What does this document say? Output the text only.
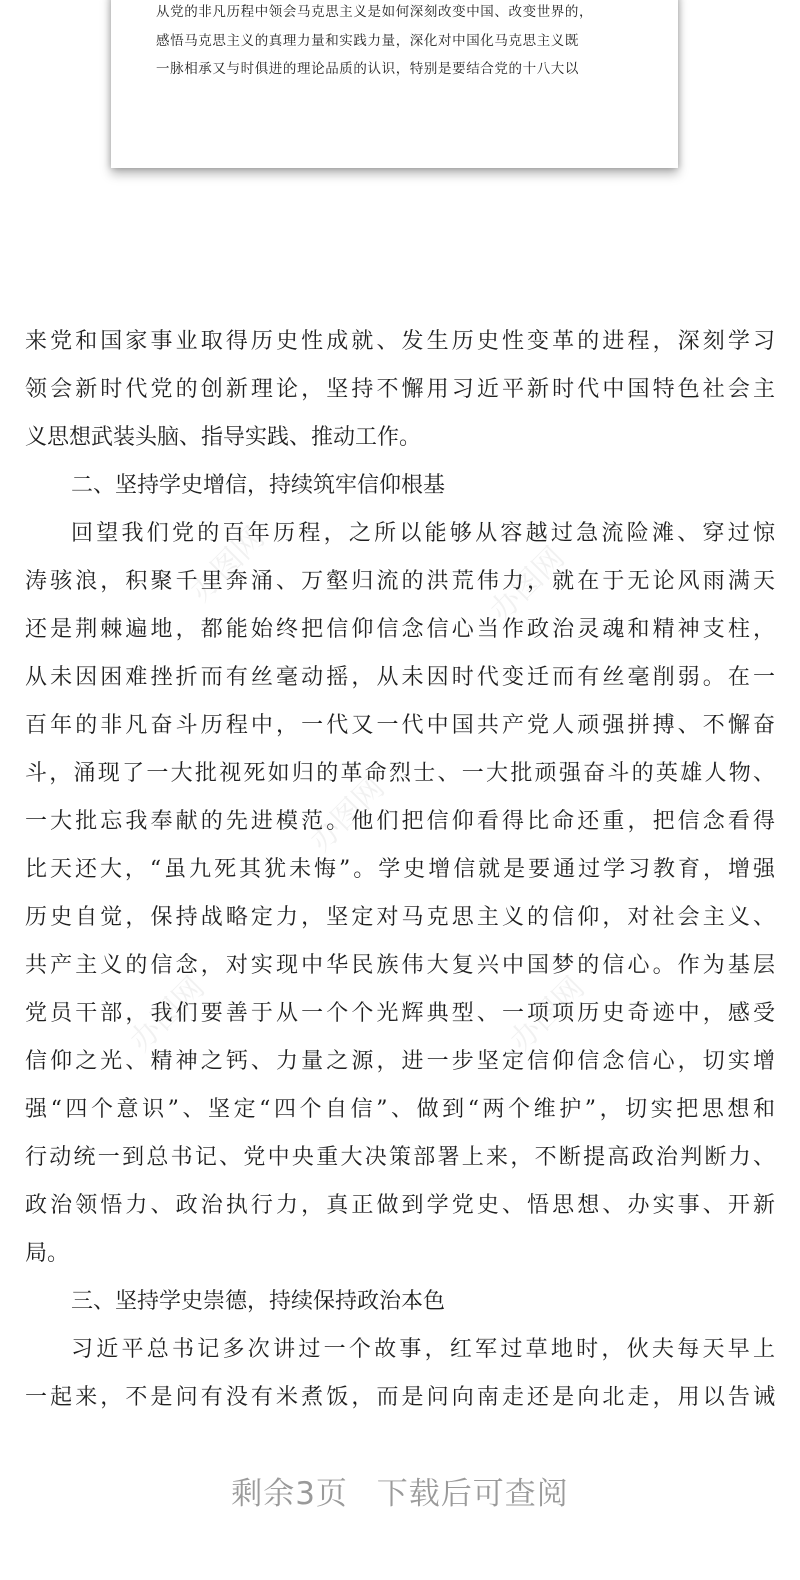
从党的非凡历程中领会马克思主义是如何深刻改变中国、改变世界的，
感悟马克思主义的真理力量和实践力量，深化对中国化马克思主义既
一脉相承又与时俱进的理论品质的认识，特别是要结合党的十八大以
办图网	办图网
办图网
办图网	办图网
来党和国家事业取得历史性成就、发生历史性变革的进程，深刻学习
领会新时代党的创新理论，坚持不懈用习近平新时代中国特色社会主
义思想武装头脑、指导实践、推动工作。
二、坚持学史增信，持续筑牢信仰根基
回望我们党的百年历程，之所以能够从容越过急流险滩、穿过惊
涛骇浪，积聚千里奔涌、万壑归流的洪荒伟力，就在于无论风雨满天
还是荆棘遍地，都能始终把信仰信念信心当作政治灵魂和精神支柱，
从未因困难挫折而有丝毫动摇，从未因时代变迁而有丝毫削弱。在一
百年的非凡奋斗历程中，一代又一代中国共产党人顽强拼搏、不懈奋
斗，涌现了一大批视死如归的革命烈士、一大批顽强奋斗的英雄人物、
一大批忘我奉献的先进模范。他们把信仰看得比命还重，把信念看得
比天还大，“虽九死其犹未悔”。学史增信就是要通过学习教育，增强
历史自觉，保持战略定力，坚定对马克思主义的信仰，对社会主义、
共产主义的信念，对实现中华民族伟大复兴中国梦的信心。作为基层
党员干部，我们要善于从一个个光辉典型、一项项历史奇迹中，感受
信仰之光、精神之钙、力量之源，进一步坚定信仰信念信心，切实增
强“四个意识”、坚定“四个自信”、做到“两个维护”，切实把思想和
行动统一到总书记、党中央重大决策部署上来，不断提高政治判断力、
政治领悟力、政治执行力，真正做到学党史、悟思想、办实事、开新
局。
三、坚持学史崇德，持续保持政治本色
习近平总书记多次讲过一个故事，红军过草地时，伙夫每天早上
一起来，不是问有没有米煮饭，而是问向南走还是向北走，用以告诫
剩余3页 下载后可查阅
